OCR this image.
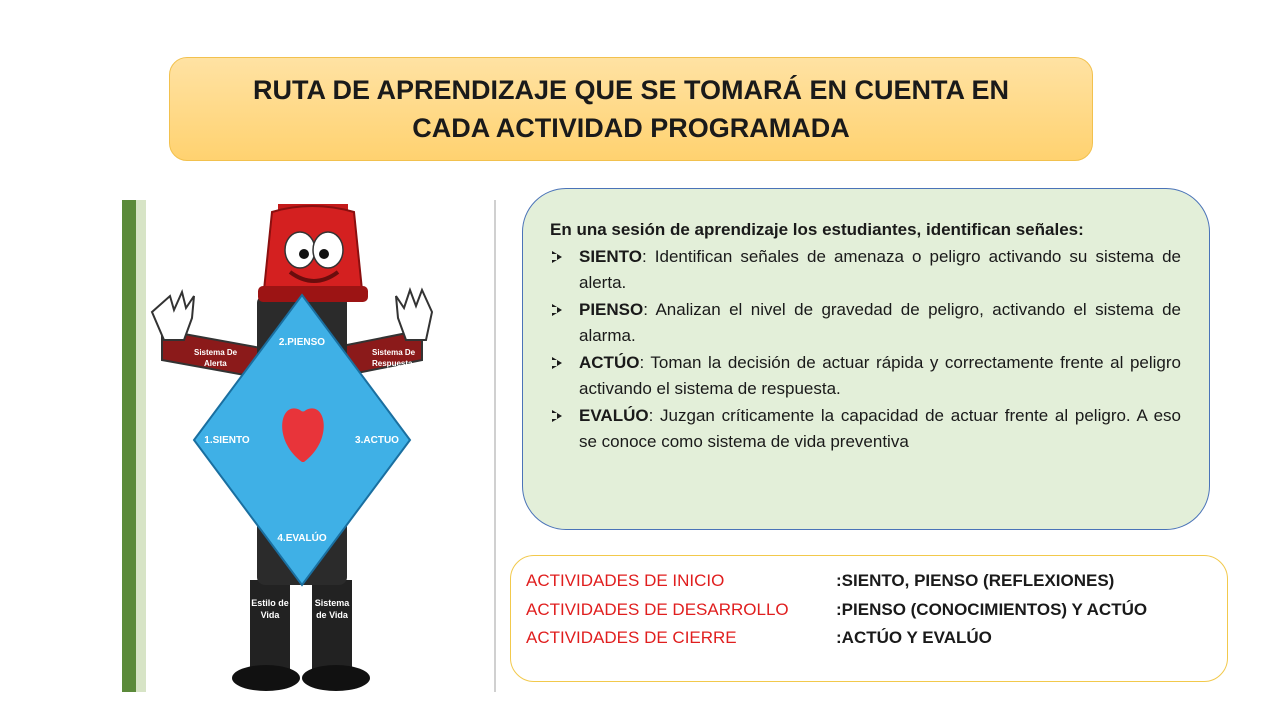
RUTA DE APRENDIZAJE QUE SE TOMARÁ EN CUENTA EN
CADA ACTIVIDAD PROGRAMADA
Sistema De
Alerta
Sistema De
Respuesta
2.PIENSO
1.SIENTO	3.ACTUO
4.EVALÚO
Estilo de
Vida
Sistema
de Vida

En una sesión de aprendizaje los estudiantes, identifican señales:

SIENTO: Identifican señales de amenaza o peligro activando su sistema de alerta.
PIENSO: Analizan el nivel de gravedad de peligro, activando el sistema de alarma.
ACTÚO: Toman la decisión de actuar rápida y correctamente frente al peligro activando el sistema de respuesta.
EVALÚO: Juzgan críticamente la capacidad de actuar frente al peligro. A eso se conoce como sistema de vida preventiva
ACTIVIDADES DE INICIO	: SIENTO, PIENSO (REFLEXIONES)
ACTIVIDADES DE DESARROLLO	: PIENSO (CONOCIMIENTOS) Y ACTÚO
ACTIVIDADES DE CIERRE	: ACTÚO Y EVALÚO
